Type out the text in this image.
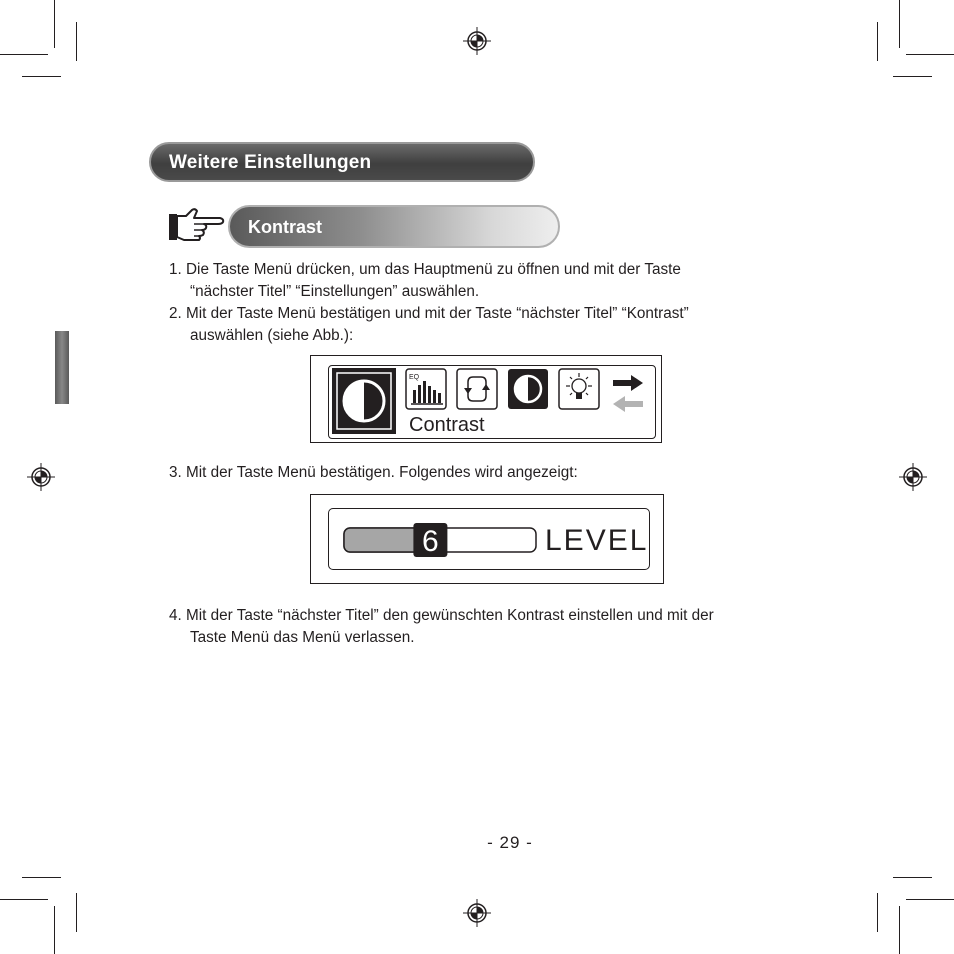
Weitere Einstellungen
Kontrast
1. Die Taste Menü drücken, um das Hauptmenü zu öffnen und mit der Taste
“nächster Titel” “Einstellungen” auswählen.
2. Mit der Taste Menü bestätigen und mit der Taste “nächster Titel” “Kontrast”
auswählen (siehe Abb.):
EQ
Contrast
3. Mit der Taste Menü bestätigen. Folgendes wird angezeigt:
6	LEVEL
4. Mit der Taste “nächster Titel” den gewünschten Kontrast einstellen und mit der
Taste Menü das Menü verlassen.
- 29 -
